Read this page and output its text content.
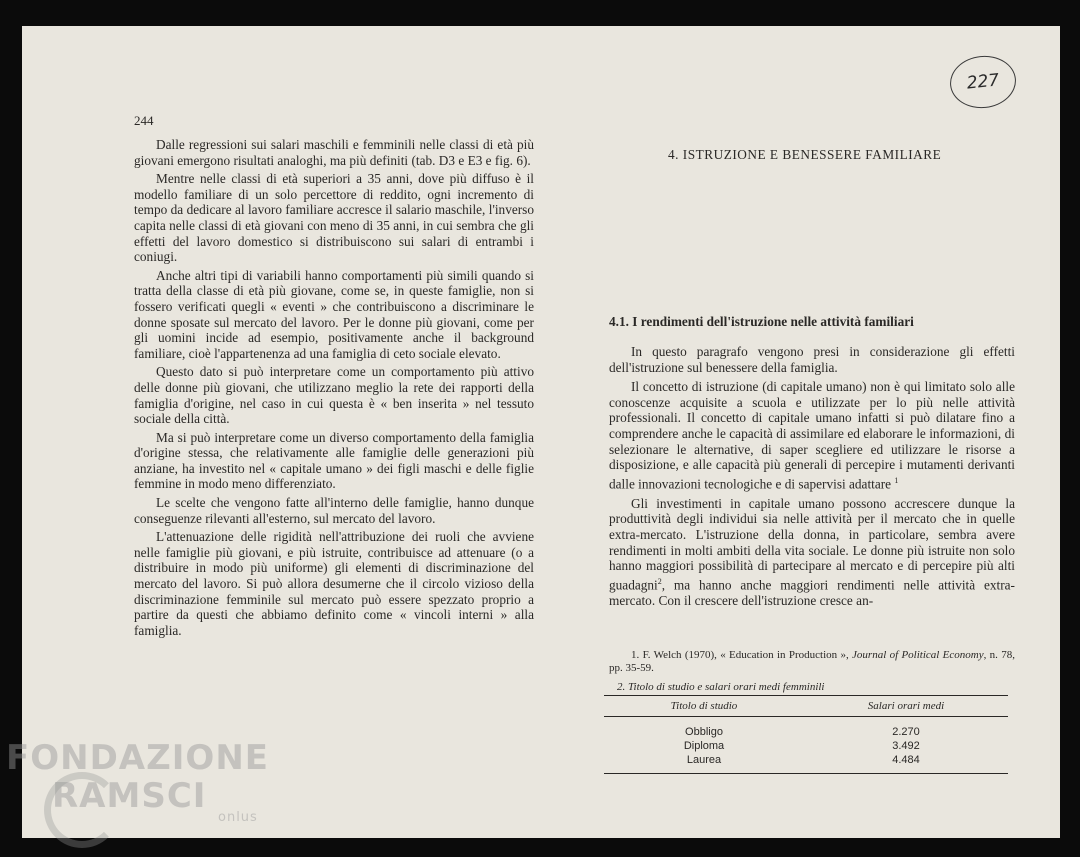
244
227

Dalle regressioni sui salari maschili e femminili nelle classi di età più giovani emergono risultati analoghi, ma più definiti (tab. D3 e E3 e fig. 6).

Mentre nelle classi di età superiori a 35 anni, dove più diffuso è il modello familiare di un solo percettore di reddito, ogni incremento di tempo da dedicare al lavoro familiare accresce il salario maschile, l'inverso capita nelle classi di età giovani con meno di 35 anni, in cui sembra che gli effetti del lavoro domestico si distribuiscono sui salari di entrambi i coniugi.

Anche altri tipi di variabili hanno comportamenti più simili quando si tratta della classe di età più giovane, come se, in queste famiglie, non si fossero verificati quegli « eventi » che contribuiscono a discriminare le donne sposate sul mercato del lavoro. Per le donne più giovani, come per gli uomini incide ad esempio, positivamente anche il background familiare, cioè l'appartenenza ad una famiglia di ceto sociale elevato.

Questo dato si può interpretare come un comportamento più attivo delle donne più giovani, che utilizzano meglio la rete dei rapporti della famiglia d'origine, nel caso in cui questa è « ben inserita » nel tessuto sociale della città.

Ma si può interpretare come un diverso comportamento della famiglia d'origine stessa, che relativamente alle famiglie delle generazioni più anziane, ha investito nel « capitale umano » dei figli maschi e delle figlie femmine in modo meno differenziato.

Le scelte che vengono fatte all'interno delle famiglie, hanno dunque conseguenze rilevanti all'esterno, sul mercato del lavoro.

L'attenuazione delle rigidità nell'attribuzione dei ruoli che avviene nelle famiglie più giovani, e più istruite, contribuisce ad attenuare (o a distribuire in modo più uniforme) gli elementi di discriminazione del mercato del lavoro. Si può allora desumerne che il circolo vizioso della discriminazione femminile sul mercato può essere spezzato proprio a partire da questi che abbiamo definito come « vincoli interni » alla famiglia.

4. ISTRUZIONE E BENESSERE FAMILIARE
4.1. I rendimenti dell'istruzione nelle attività familiari

In questo paragrafo vengono presi in considerazione gli effetti dell'istruzione sul benessere della famiglia.

Il concetto di istruzione (di capitale umano) non è qui limitato solo alle conoscenze acquisite a scuola e utilizzate per lo più nelle attività professionali. Il concetto di capitale umano infatti si può dilatare fino a comprendere anche le capacità di assimilare ed elaborare le informazioni, di selezionare le alternative, di saper scegliere ed utilizzare le risorse a disposizione, e alle capacità più generali di percepire i mutamenti derivanti dalle innovazioni tecnologiche e di sapervisi adattare $^1$

Gli investimenti in capitale umano possono accrescere dunque la produttività degli individui sia nelle attività per il mercato che in quelle extra-mercato. L'istruzione della donna, in particolare, sembra avere rendimenti in molti ambiti della vita sociale. Le donne più istruite non solo hanno maggiori possibilità di partecipare al mercato e di percepire più alti guadagni$^2$, ma hanno anche maggiori rendimenti nelle attività extra-mercato. Con il crescere dell'istruzione cresce an-

1. F. Welch (1970), « Education in Production », Journal of Political Economy, n. 78, pp. 35-59.
2. Titolo di studio e salari orari medi femminili
Titolo di studio	Salari orari medi
Obbligo	2.270
Diploma	3.492
Laurea	4.484
FONDAZIONE
RAMSCI
onlus
